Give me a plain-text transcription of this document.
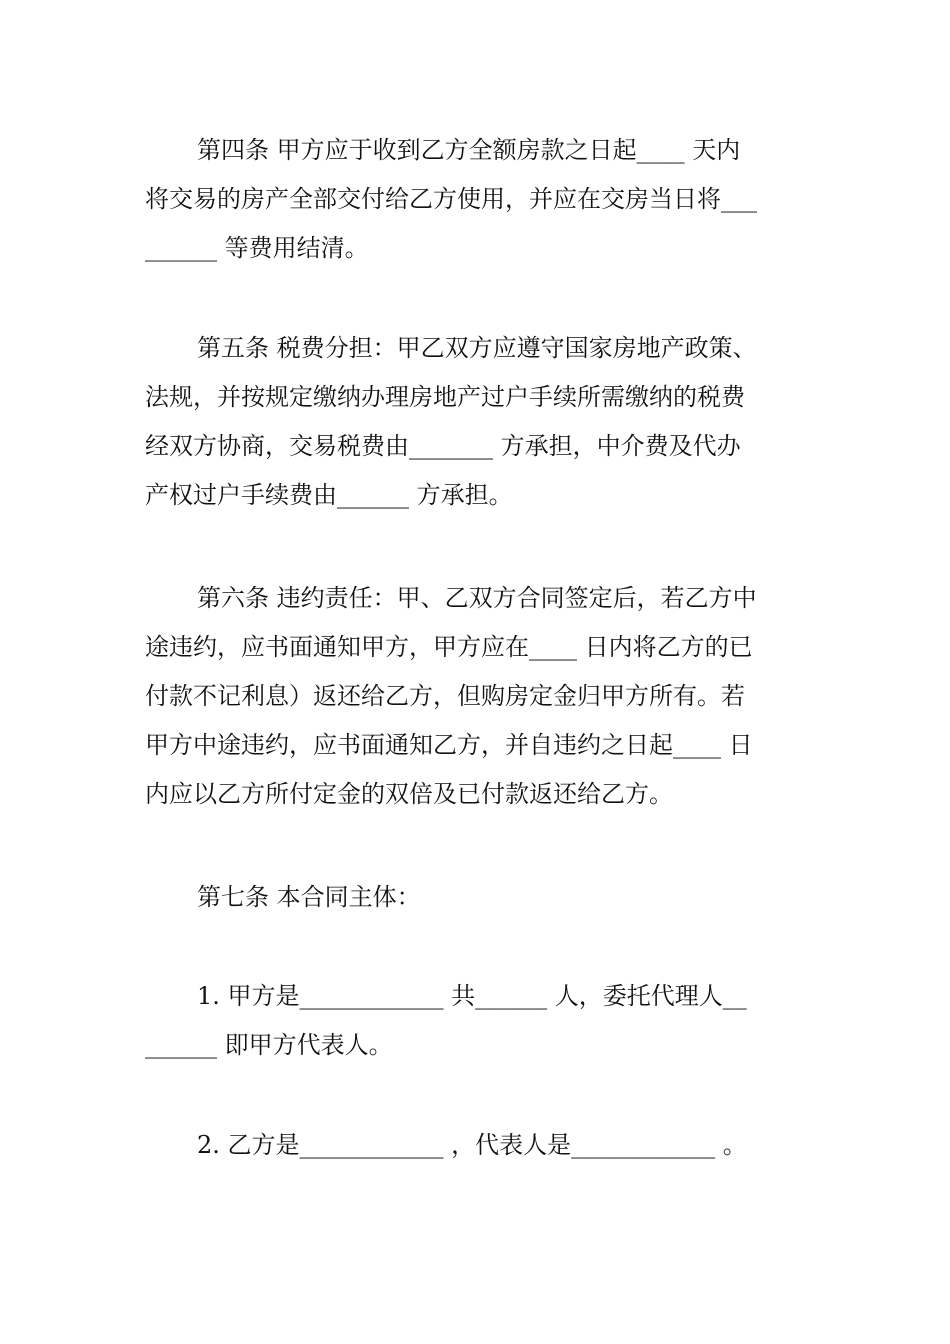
第四条 甲方应于收到乙方全额房款之日起____ 天内
将交易的房产全部交付给乙方使用，并应在交房当日将___
______ 等费用结清。
第五条 税费分担：甲乙双方应遵守国家房地产政策、
法规，并按规定缴纳办理房地产过户手续所需缴纳的税费
经双方协商，交易税费由_______ 方承担，中介费及代办
产权过户手续费由______ 方承担。
第六条 违约责任：甲、乙双方合同签定后，若乙方中
途违约，应书面通知甲方，甲方应在____ 日内将乙方的已
付款不记利息）返还给乙方，但购房定金归甲方所有。若
甲方中途违约，应书面通知乙方，并自违约之日起____ 日
内应以乙方所付定金的双倍及已付款返还给乙方。
第七条 本合同主体：
1. 甲方是____________ 共______ 人，委托代理人__
______ 即甲方代表人。
2. 乙方是____________ ，代表人是____________ 。
